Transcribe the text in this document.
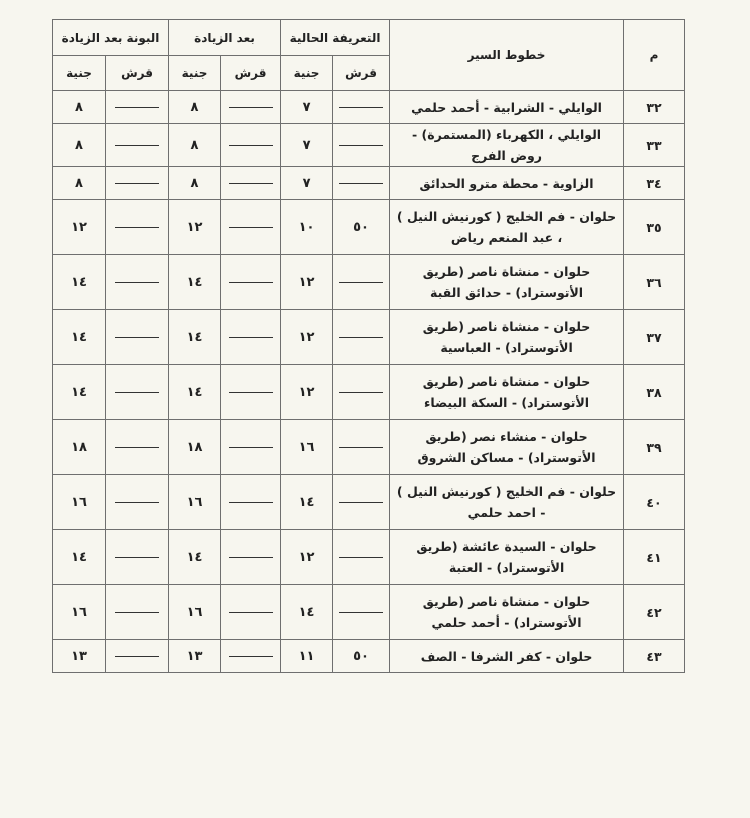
م	خطوط السير	التعريفة الحالية		بعد الزيادة		البونة بعد الزيادة	
		قرش	جنية	قرش	جنية	قرش	جنية
٣٢	الوايلي - الشرابية - أحمد حلمي		٧		٨		٨
٣٣	الوايلي ، الكهرباء (المستمرة) - روض الفرج		٧		٨		٨
٣٤	الزاوية - محطة مترو الحدائق		٧		٨		٨
٣٥	حلوان - فم الخليج ( كورنيش النيل ) ، عبد المنعم رياض	٥٠	١٠		١٢		١٢
٣٦	حلوان - منشاة ناصر (طريق الأتوستراد) - حدائق القبة		١٢		١٤		١٤
٣٧	حلوان - منشاة ناصر (طريق الأتوستراد) - العباسية		١٢		١٤		١٤
٣٨	حلوان - منشاة ناصر (طريق الأتوستراد) - السكة البيضاء		١٢		١٤		١٤
٣٩	حلوان - منشاء نصر (طريق الأتوستراد) - مساكن الشروق		١٦		١٨		١٨
٤٠	حلوان - فم الخليج ( كورنيش النيل ) - احمد حلمي		١٤		١٦		١٦
٤١	حلوان - السيدة عائشة (طريق الأتوستراد) - العتبة		١٢		١٤		١٤
٤٢	حلوان - منشاة ناصر (طريق الأتوستراد) - أحمد حلمي		١٤		١٦		١٦
٤٣	حلوان - كفر الشرفا - الصف	٥٠	١١		١٣		١٣
